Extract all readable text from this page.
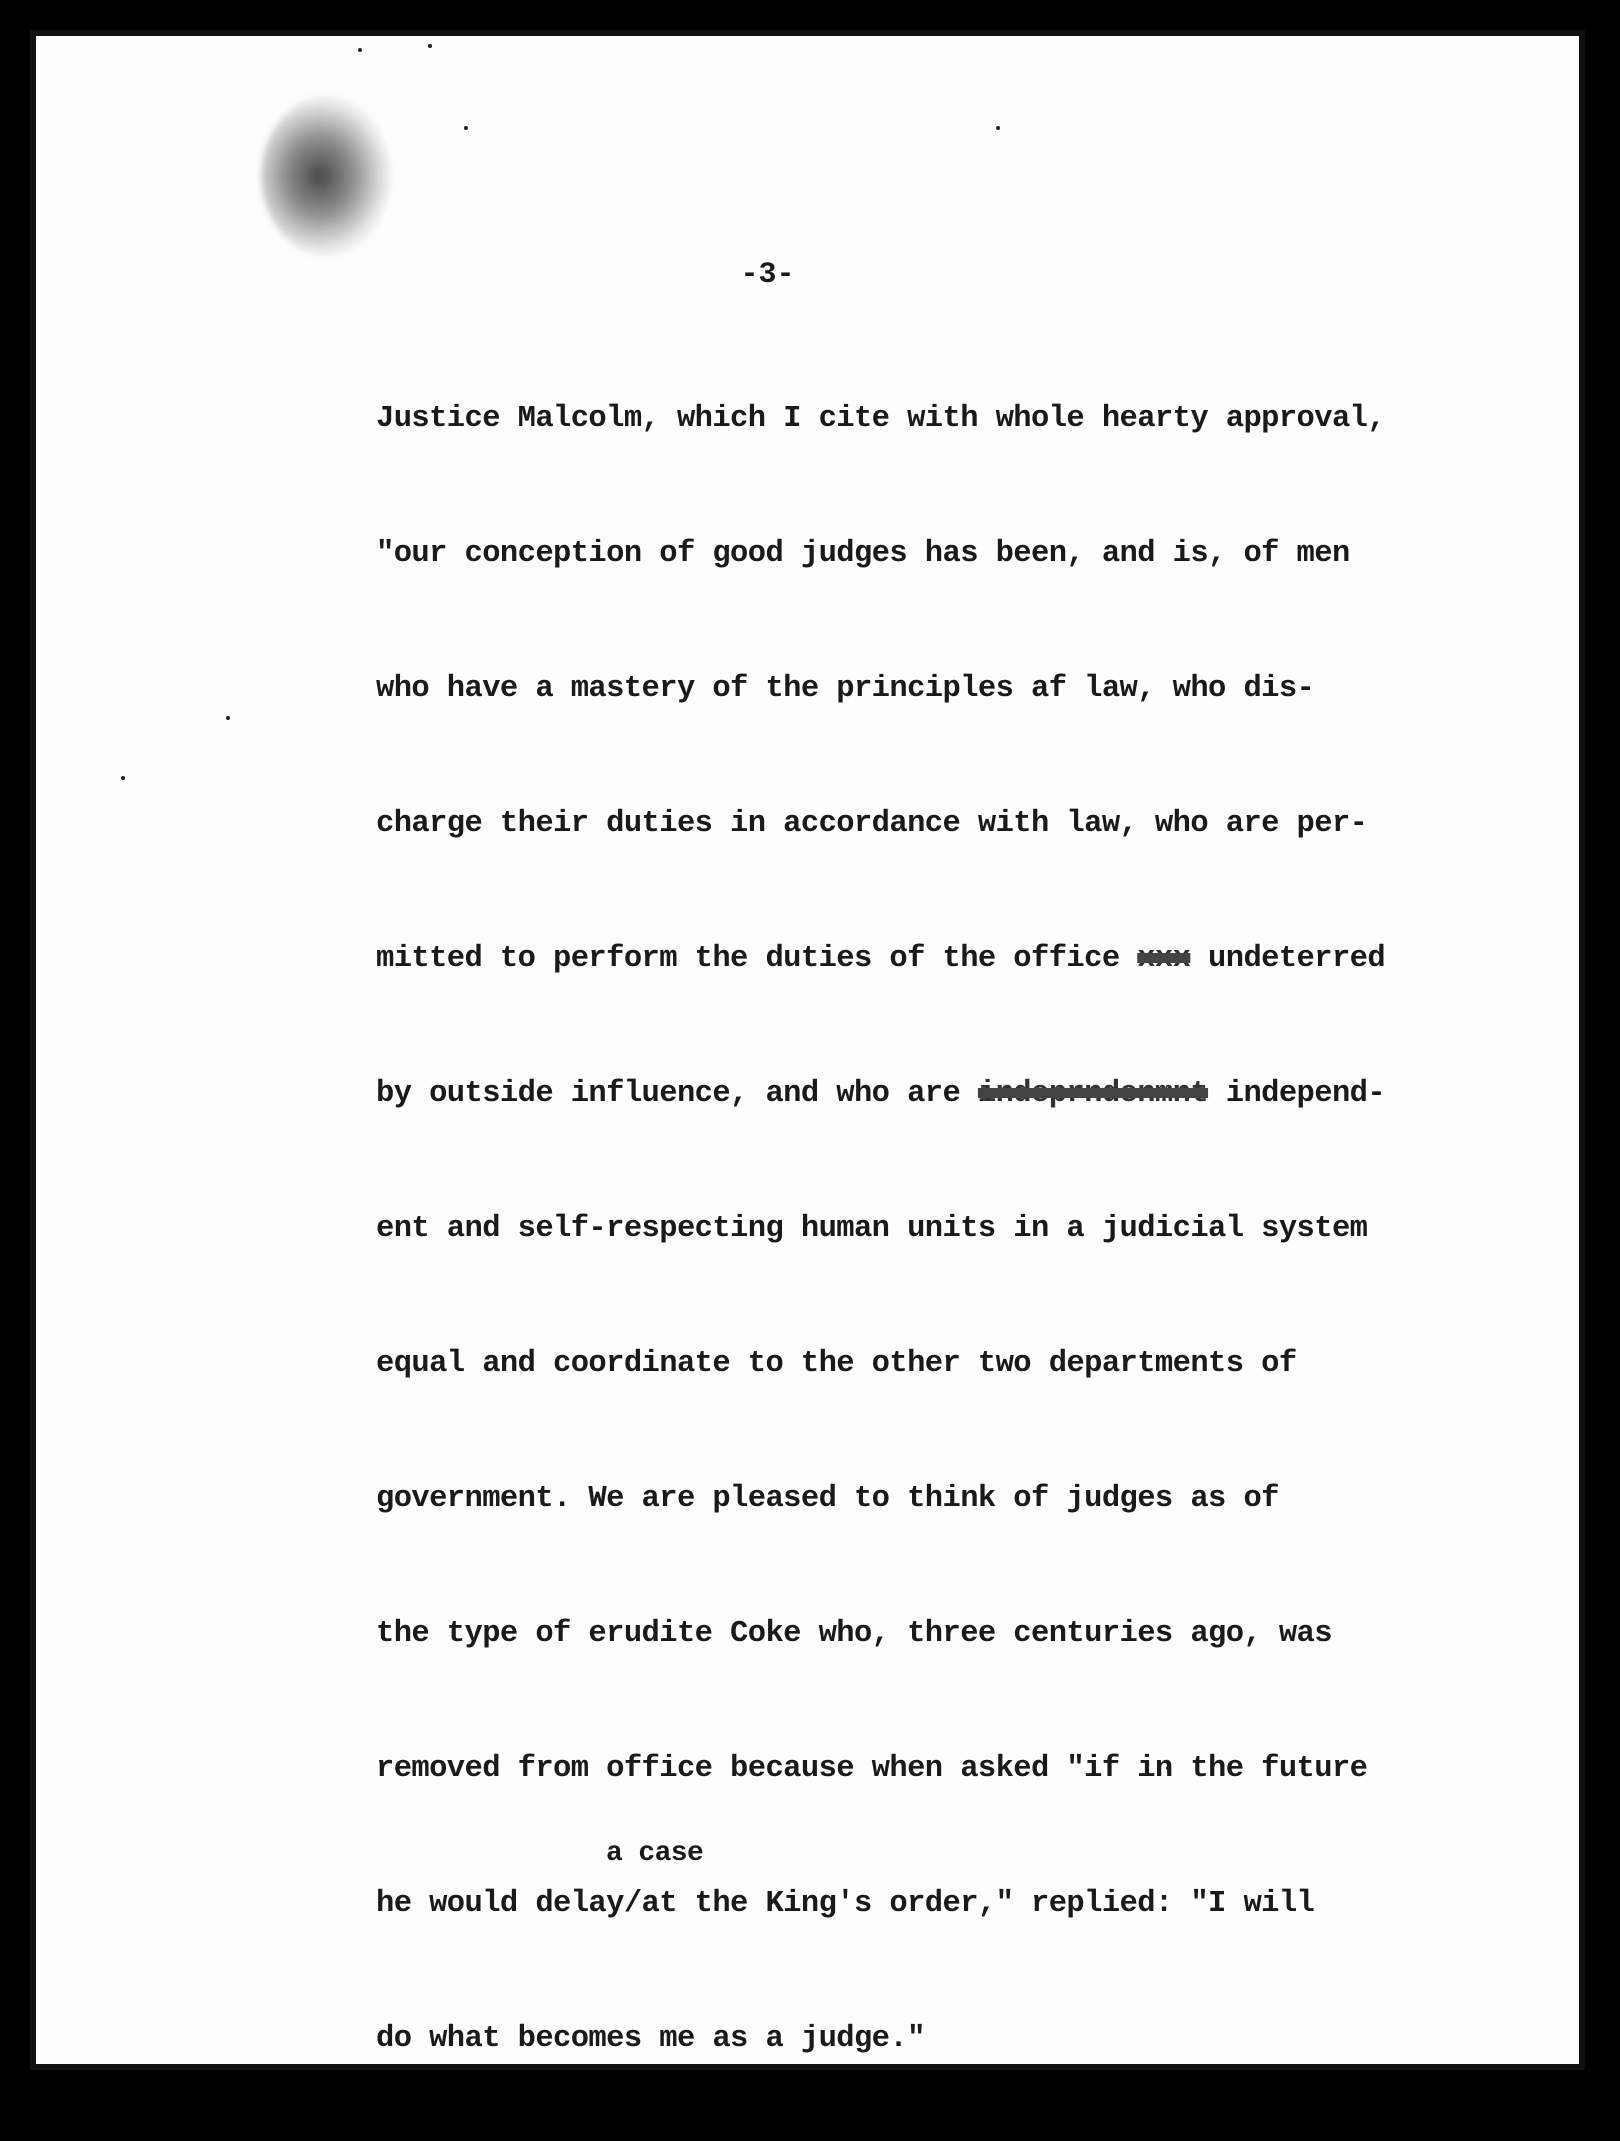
-3-

Justice Malcolm, which I cite with whole hearty approval,

"our conception of good judges has been, and is, of men

who have a mastery of the principles af law, who dis-

charge their duties in accordance with law, who are per-

mitted to perform the duties of the office xxx undeterred

by outside influence, and who are indeprndenmnt independ-

ent and self-respecting human units in a judicial system

equal and coordinate to the other two departments of

government. We are pleased to think of judges as of

the type of erudite Coke who, three centuries ago, was

removed from office because when asked "if in the future

a case
he would delay/at the King's order," replied: "I will

do what becomes me as a judge."
